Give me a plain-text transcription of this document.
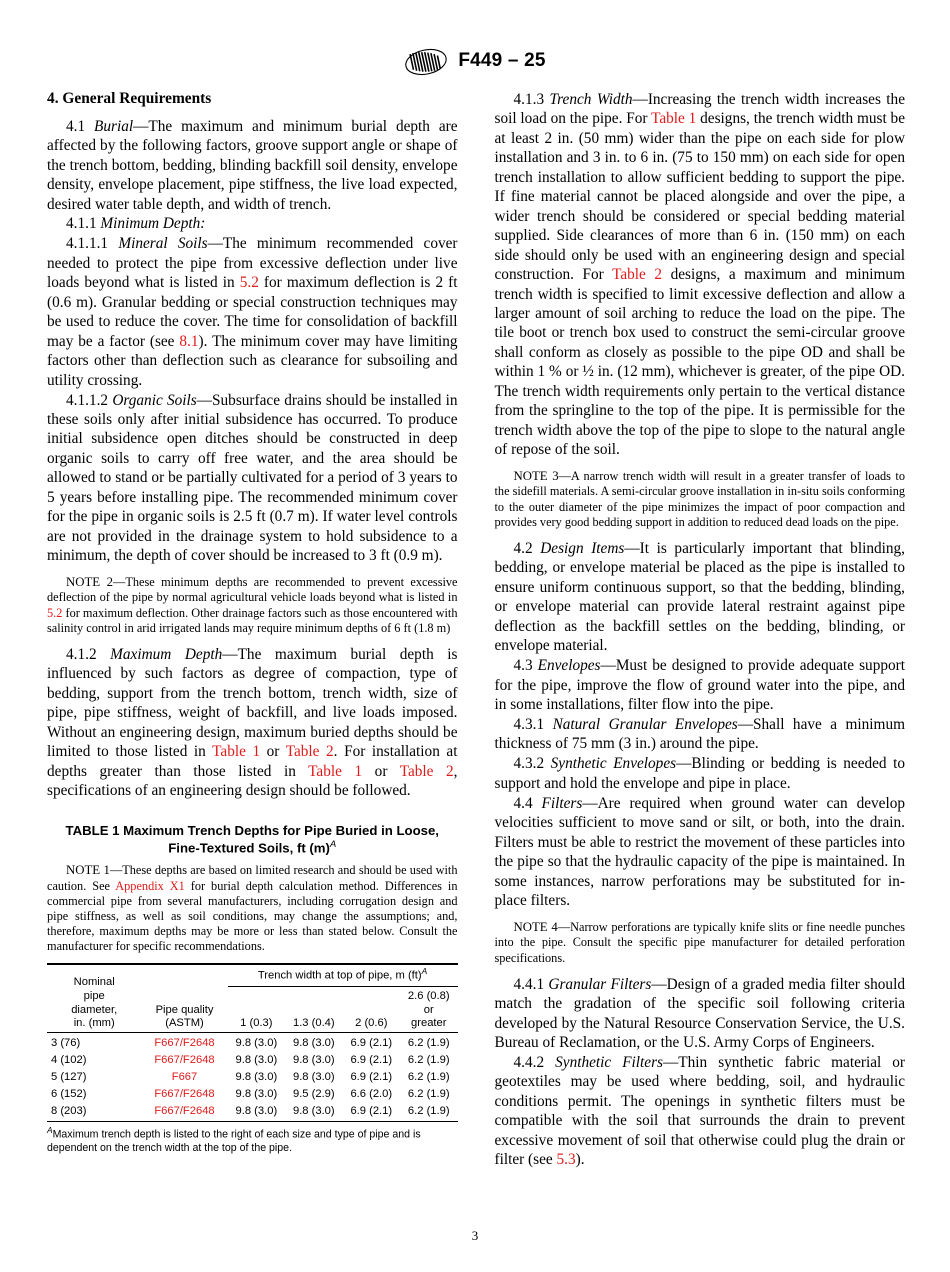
F449 – 25
4. General Requirements

4.1 Burial—The maximum and minimum burial depth are affected by the following factors, groove support angle or shape of the trench bottom, bedding, blinding backfill soil density, envelope density, envelope placement, pipe stiffness, the live load expected, desired water table depth, and width of trench.

4.1.1 Minimum Depth:

4.1.1.1 Mineral Soils—The minimum recommended cover needed to protect the pipe from excessive deflection under live loads beyond what is listed in 5.2 for maximum deflection is 2 ft (0.6 m). Granular bedding or special construction techniques may be used to reduce the cover. The time for consolidation of backfill may be a factor (see 8.1). The minimum cover may have limiting factors other than deflection such as clearance for subsoiling and utility crossing.

4.1.1.2 Organic Soils—Subsurface drains should be installed in these soils only after initial subsidence has occurred. To produce initial subsidence open ditches should be constructed in deep organic soils to carry off free water, and the area should be allowed to stand or be partially cultivated for a period of 3 years to 5 years before installing pipe. The recommended minimum cover for the pipe in organic soils is 2.5 ft (0.7 m). If water level controls are not provided in the drainage system to hold subsidence to a minimum, the depth of cover should be increased to 3 ft (0.9 m).

NOTE 2—These minimum depths are recommended to prevent excessive deflection of the pipe by normal agricultural vehicle loads beyond what is listed in 5.2 for maximum deflection. Other drainage factors such as those encountered with salinity control in arid irrigated lands may require minimum depths of 6 ft (1.8 m)

4.1.2 Maximum Depth—The maximum burial depth is influenced by such factors as degree of compaction, type of bedding, support from the trench bottom, trench width, size of pipe, pipe stiffness, weight of backfill, and live loads imposed. Without an engineering design, maximum buried depths should be limited to those listed in Table 1 or Table 2. For installation at depths greater than those listed in Table 1 or Table 2, specifications of an engineering design should be followed.

TABLE 1 Maximum Trench Depths for Pipe Buried in Loose,
Fine-Textured Soils, ft $(m)^A$

NOTE 1—These depths are based on limited research and should be used with caution. See Appendix X1 for burial depth calculation method. Differences in commercial pipe from several manufacturers, including corrugation design and pipe stiffness, as well as soil conditions, may change the assumptions; and, therefore, maximum depths may be more or less than stated below. Consult the manufacturer for specific recommendations.

Nominal
pipe
diameter,
in. (mm)	Pipe quality
(ASTM)	Trench width at top of pipe, m (ft)$^A$
		1 (0.3)	1.3 (0.4)	2 (0.6)	2.6 (0.8) or
greater
3 (76)	F667/F2648	9.8 (3.0)	9.8 (3.0)	6.9 (2.1)	6.2 (1.9)
4 (102)	F667/F2648	9.8 (3.0)	9.8 (3.0)	6.9 (2.1)	6.2 (1.9)
5 (127)	F667	9.8 (3.0)	9.8 (3.0)	6.9 (2.1)	6.2 (1.9)
6 (152)	F667/F2648	9.8 (3.0)	9.5 (2.9)	6.6 (2.0)	6.2 (1.9)
8 (203)	F667/F2648	9.8 (3.0)	9.8 (3.0)	6.9 (2.1)	6.2 (1.9)

$^A$Maximum trench depth is listed to the right of each size and type of pipe and is dependent on the trench width at the top of the pipe.

4.1.3 Trench Width—Increasing the trench width increases the soil load on the pipe. For Table 1 designs, the trench width must be at least 2 in. (50 mm) wider than the pipe on each side for plow installation and 3 in. to 6 in. (75 to 150 mm) on each side for open trench installation to allow sufficient bedding to support the pipe. If fine material cannot be placed alongside and over the pipe, a wider trench should be considered or special bedding material supplied. Side clearances of more than 6 in. (150 mm) on each side should only be used with an engineering design and special construction. For Table 2 designs, a maximum and minimum trench width is specified to limit excessive deflection and allow a larger amount of soil arching to reduce the load on the pipe. The tile boot or trench box used to construct the semi-circular groove shall conform as closely as possible to the pipe OD and shall be within 1 % or ½ in. (12 mm), whichever is greater, of the pipe OD. The trench width requirements only pertain to the vertical distance from the springline to the top of the pipe. It is permissible for the trench width above the top of the pipe to slope to the natural angle of repose of the soil.

NOTE 3—A narrow trench width will result in a greater transfer of loads to the sidefill materials. A semi-circular groove installation in in-situ soils conforming to the outer diameter of the pipe minimizes the impact of poor compaction and provides very good bedding support in addition to reduced dead loads on the pipe.

4.2 Design Items—It is particularly important that blinding, bedding, or envelope material be placed as the pipe is installed to ensure uniform continuous support, so that the bedding, blinding, or envelope material can provide lateral restraint against pipe deflection as the backfill settles on the bedding, blinding, or envelope material.

4.3 Envelopes—Must be designed to provide adequate support for the pipe, improve the flow of ground water into the pipe, and in some installations, filter flow into the pipe.

4.3.1 Natural Granular Envelopes—Shall have a minimum thickness of 75 mm (3 in.) around the pipe.

4.3.2 Synthetic Envelopes—Blinding or bedding is needed to support and hold the envelope and pipe in place.

4.4 Filters—Are required when ground water can develop velocities sufficient to move sand or silt, or both, into the drain. Filters must be able to restrict the movement of these particles into the pipe so that the hydraulic capacity of the pipe is maintained. In some instances, narrow perforations may be substituted for in-place filters.

NOTE 4—Narrow perforations are typically knife slits or fine needle punches into the pipe. Consult the specific pipe manufacturer for detailed perforation specifications.

4.4.1 Granular Filters—Design of a graded media filter should match the gradation of the specific soil following criteria developed by the Natural Resource Conservation Service, the U.S. Bureau of Reclamation, or the U.S. Army Corps of Engineers.

4.4.2 Synthetic Filters—Thin synthetic fabric material or geotextiles may be used where bedding, soil, and hydraulic conditions permit. The openings in synthetic filters must be compatible with the soil that surrounds the drain to prevent excessive movement of soil that otherwise could plug the drain or filter (see 5.3).

3
